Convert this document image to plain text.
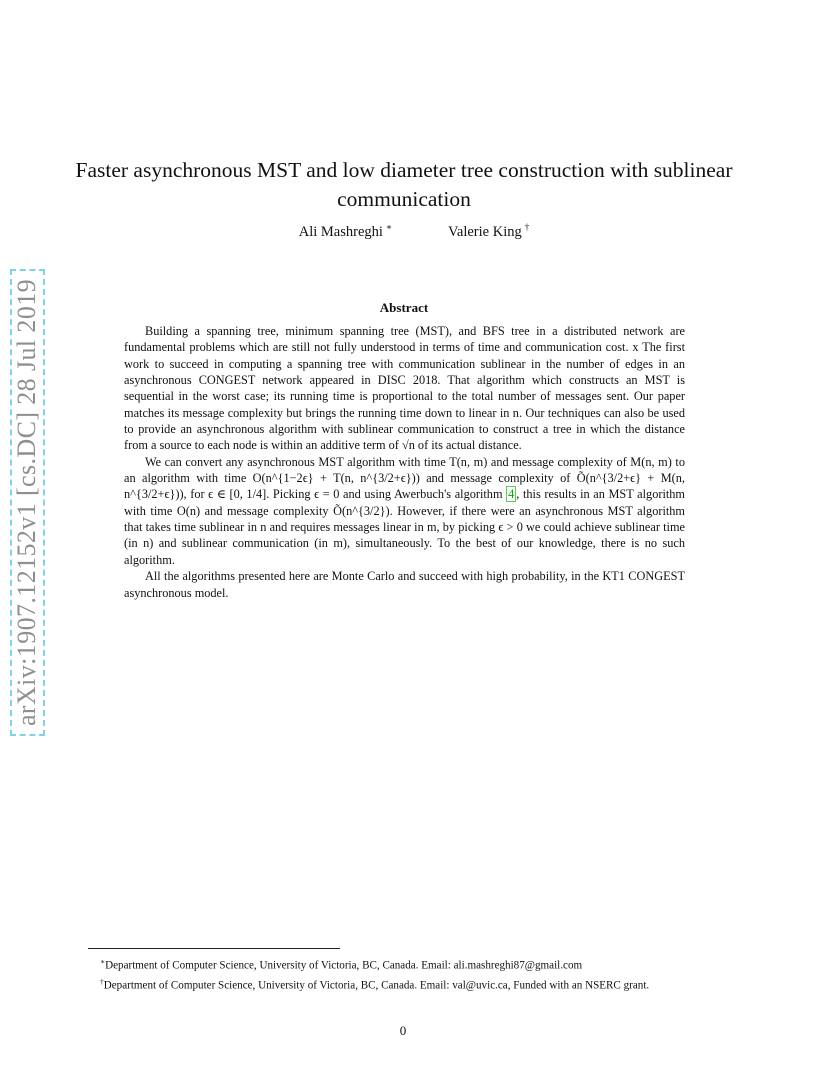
arXiv:1907.12152v1 [cs.DC] 28 Jul 2019
Faster asynchronous MST and low diameter tree construction with sublinear communication
Ali Mashreghi ∗	Valerie King †
Abstract

Building a spanning tree, minimum spanning tree (MST), and BFS tree in a distributed network are fundamental problems which are still not fully understood in terms of time and communication cost. x The first work to succeed in computing a spanning tree with communication sublinear in the number of edges in an asynchronous CONGEST network appeared in DISC 2018. That algorithm which constructs an MST is sequential in the worst case; its running time is proportional to the total number of messages sent. Our paper matches its message complexity but brings the running time down to linear in n. Our techniques can also be used to provide an asynchronous algorithm with sublinear communication to construct a tree in which the distance from a source to each node is within an additive term of √n of its actual distance.

We can convert any asynchronous MST algorithm with time T(n, m) and message complexity of M(n, m) to an algorithm with time O(n^{1−2ϵ} + T(n, n^{3/2+ϵ})) and message complexity of Õ(n^{3/2+ϵ} + M(n, n^{3/2+ϵ})), for ϵ ∈ [0, 1/4]. Picking ϵ = 0 and using Awerbuch's algorithm 4 , this results in an MST algorithm with time O(n) and message complexity Õ(n^{3/2}). However, if there were an asynchronous MST algorithm that takes time sublinear in n and requires messages linear in m, by picking ϵ > 0 we could achieve sublinear time (in n) and sublinear communication (in m), simultaneously. To the best of our knowledge, there is no such algorithm.

All the algorithms presented here are Monte Carlo and succeed with high probability, in the KT1 CONGEST asynchronous model.

∗Department of Computer Science, University of Victoria, BC, Canada. Email: ali.mashreghi87@gmail.com

†Department of Computer Science, University of Victoria, BC, Canada. Email: val@uvic.ca, Funded with an NSERC grant.

0
